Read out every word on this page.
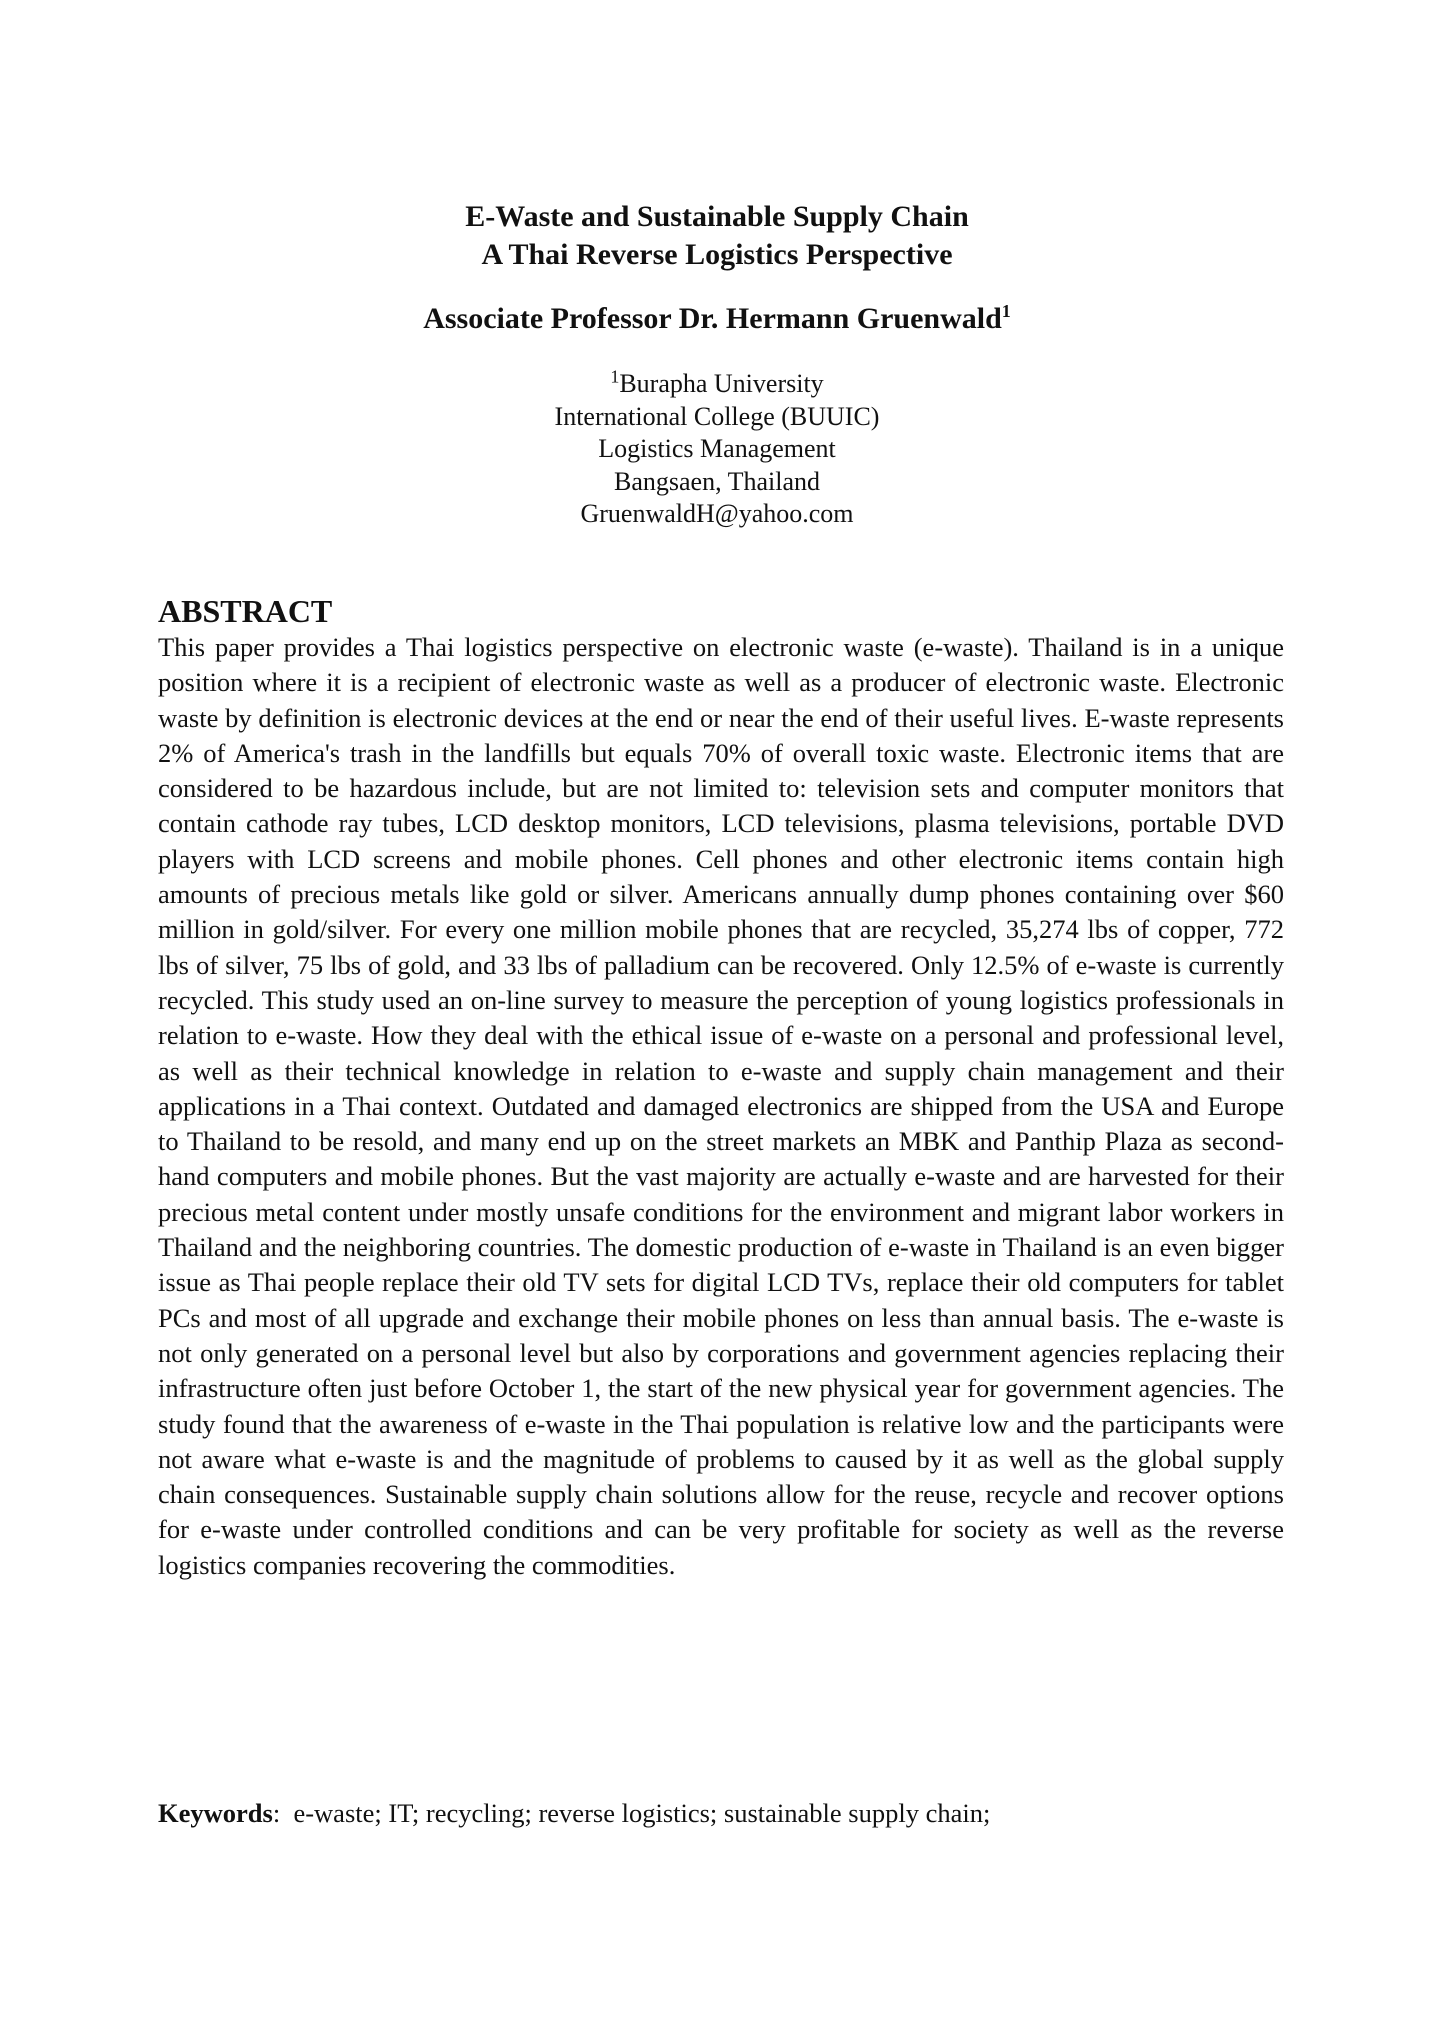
E-Waste and Sustainable Supply Chain

A Thai Reverse Logistics Perspective

Associate Professor Dr. Hermann Gruenwald$^1$
$^1$Burapha University
International College (BUUIC)
Logistics Management
Bangsaen, Thailand
GruenwaldH@yahoo.com
ABSTRACT

This paper provides a Thai logistics perspective on electronic waste (e-waste). Thailand is in a unique position where it is a recipient of electronic waste as well as a producer of electronic waste. Electronic waste by definition is electronic devices at the end or near the end of their useful lives. E-waste represents 2% of America's trash in the landfills but equals 70% of overall toxic waste. Electronic items that are considered to be hazardous include, but are not limited to: television sets and computer monitors that contain cathode ray tubes, LCD desktop monitors, LCD televisions, plasma televisions, portable DVD players with LCD screens and mobile phones. Cell phones and other electronic items contain high amounts of precious metals like gold or silver. Americans annually dump phones containing over $60 million in gold/silver. For every one million mobile phones that are recycled, 35,274 lbs of copper, 772 lbs of silver, 75 lbs of gold, and 33 lbs of palladium can be recovered. Only 12.5% of e-waste is currently recycled. This study used an on-line survey to measure the perception of young logistics professionals in relation to e-waste. How they deal with the ethical issue of e-waste on a personal and professional level, as well as their technical knowledge in relation to e-waste and supply chain management and their applications in a Thai context. Outdated and damaged electronics are shipped from the USA and Europe to Thailand to be resold, and many end up on the street markets an MBK and Panthip Plaza as second-hand computers and mobile phones. But the vast majority are actually e-waste and are harvested for their precious metal content under mostly unsafe conditions for the environment and migrant labor workers in Thailand and the neighboring countries. The domestic production of e-waste in Thailand is an even bigger issue as Thai people replace their old TV sets for digital LCD TVs, replace their old computers for tablet PCs and most of all upgrade and exchange their mobile phones on less than annual basis. The e-waste is not only generated on a personal level but also by corporations and government agencies replacing their infrastructure often just before October 1, the start of the new physical year for government agencies. The study found that the awareness of e-waste in the Thai population is relative low and the participants were not aware what e-waste is and the magnitude of problems to caused by it as well as the global supply chain consequences. Sustainable supply chain solutions allow for the reuse, recycle and recover options for e-waste under controlled conditions and can be very profitable for society as well as the reverse logistics companies recovering the commodities.

Keywords: e-waste; IT; recycling; reverse logistics; sustainable supply chain;
